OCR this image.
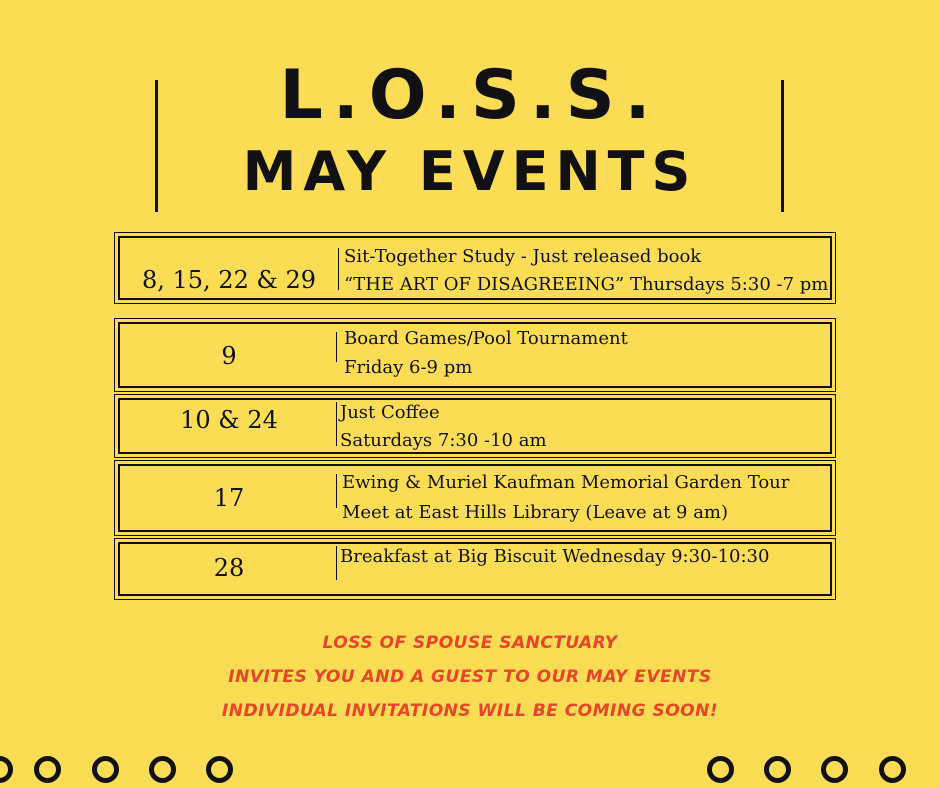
L.O.S.S.
MAY EVENTS
8, 15, 22 & 29
Sit-Together Study - Just released book
“THE ART OF DISAGREEING” Thursdays 5:30 -7 pm
9
Board Games/Pool Tournament
Friday 6-9 pm
10 & 24	Just Coffee
Saturdays 7:30 -10 am
17
Ewing & Muriel Kaufman Memorial Garden Tour
Meet at East Hills Library (Leave at 9 am)
28	Breakfast at Big Biscuit Wednesday 9:30-10:30
LOSS OF SPOUSE SANCTUARY
INVITES YOU AND A GUEST TO OUR MAY EVENTS
INDIVIDUAL INVITATIONS WILL BE COMING SOON!
